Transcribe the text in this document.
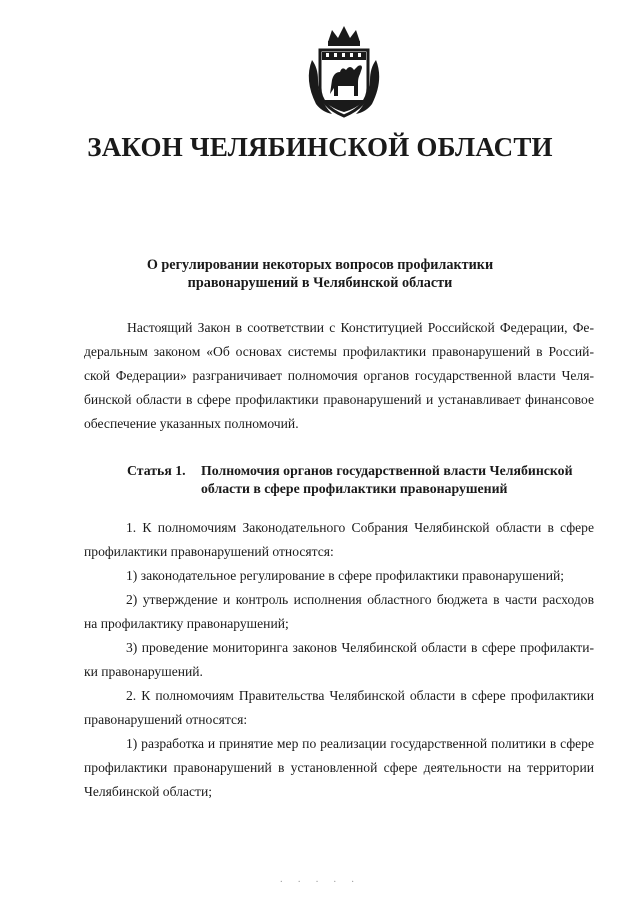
ЗАКОН ЧЕЛЯБИНСКОЙ ОБЛАСТИ
О регулировании некоторых вопросов профилактики
правонарушений в Челябинской области
Настоящий Закон в соответствии с Конституцией Российской Федерации, Фе-
деральным законом «Об основах системы профилактики правонарушений в Россий-
ской Федерации» разграничивает полномочия органов государственной власти Челя-
бинской области в сфере профилактики правонарушений и устанавливает финансовое
обеспечение указанных полномочий.
Статья 1. Полномочия органов государственной власти Челябинской
области в сфере профилактики правонарушений
1. К полномочиям Законодательного Собрания Челябинской области в сфере
профилактики правонарушений относятся:
1) законодательное регулирование в сфере профилактики правонарушений;
2) утверждение и контроль исполнения областного бюджета в части расходов
на профилактику правонарушений;
3) проведение мониторинга законов Челябинской области в сфере профилакти-
ки правонарушений.
2. К полномочиям Правительства Челябинской области в сфере профилактики
правонарушений относятся:
1) разработка и принятие мер по реализации государственной политики в сфере
профилактики правонарушений в установленной сфере деятельности на территории
Челябинской области;
· · · · ·
